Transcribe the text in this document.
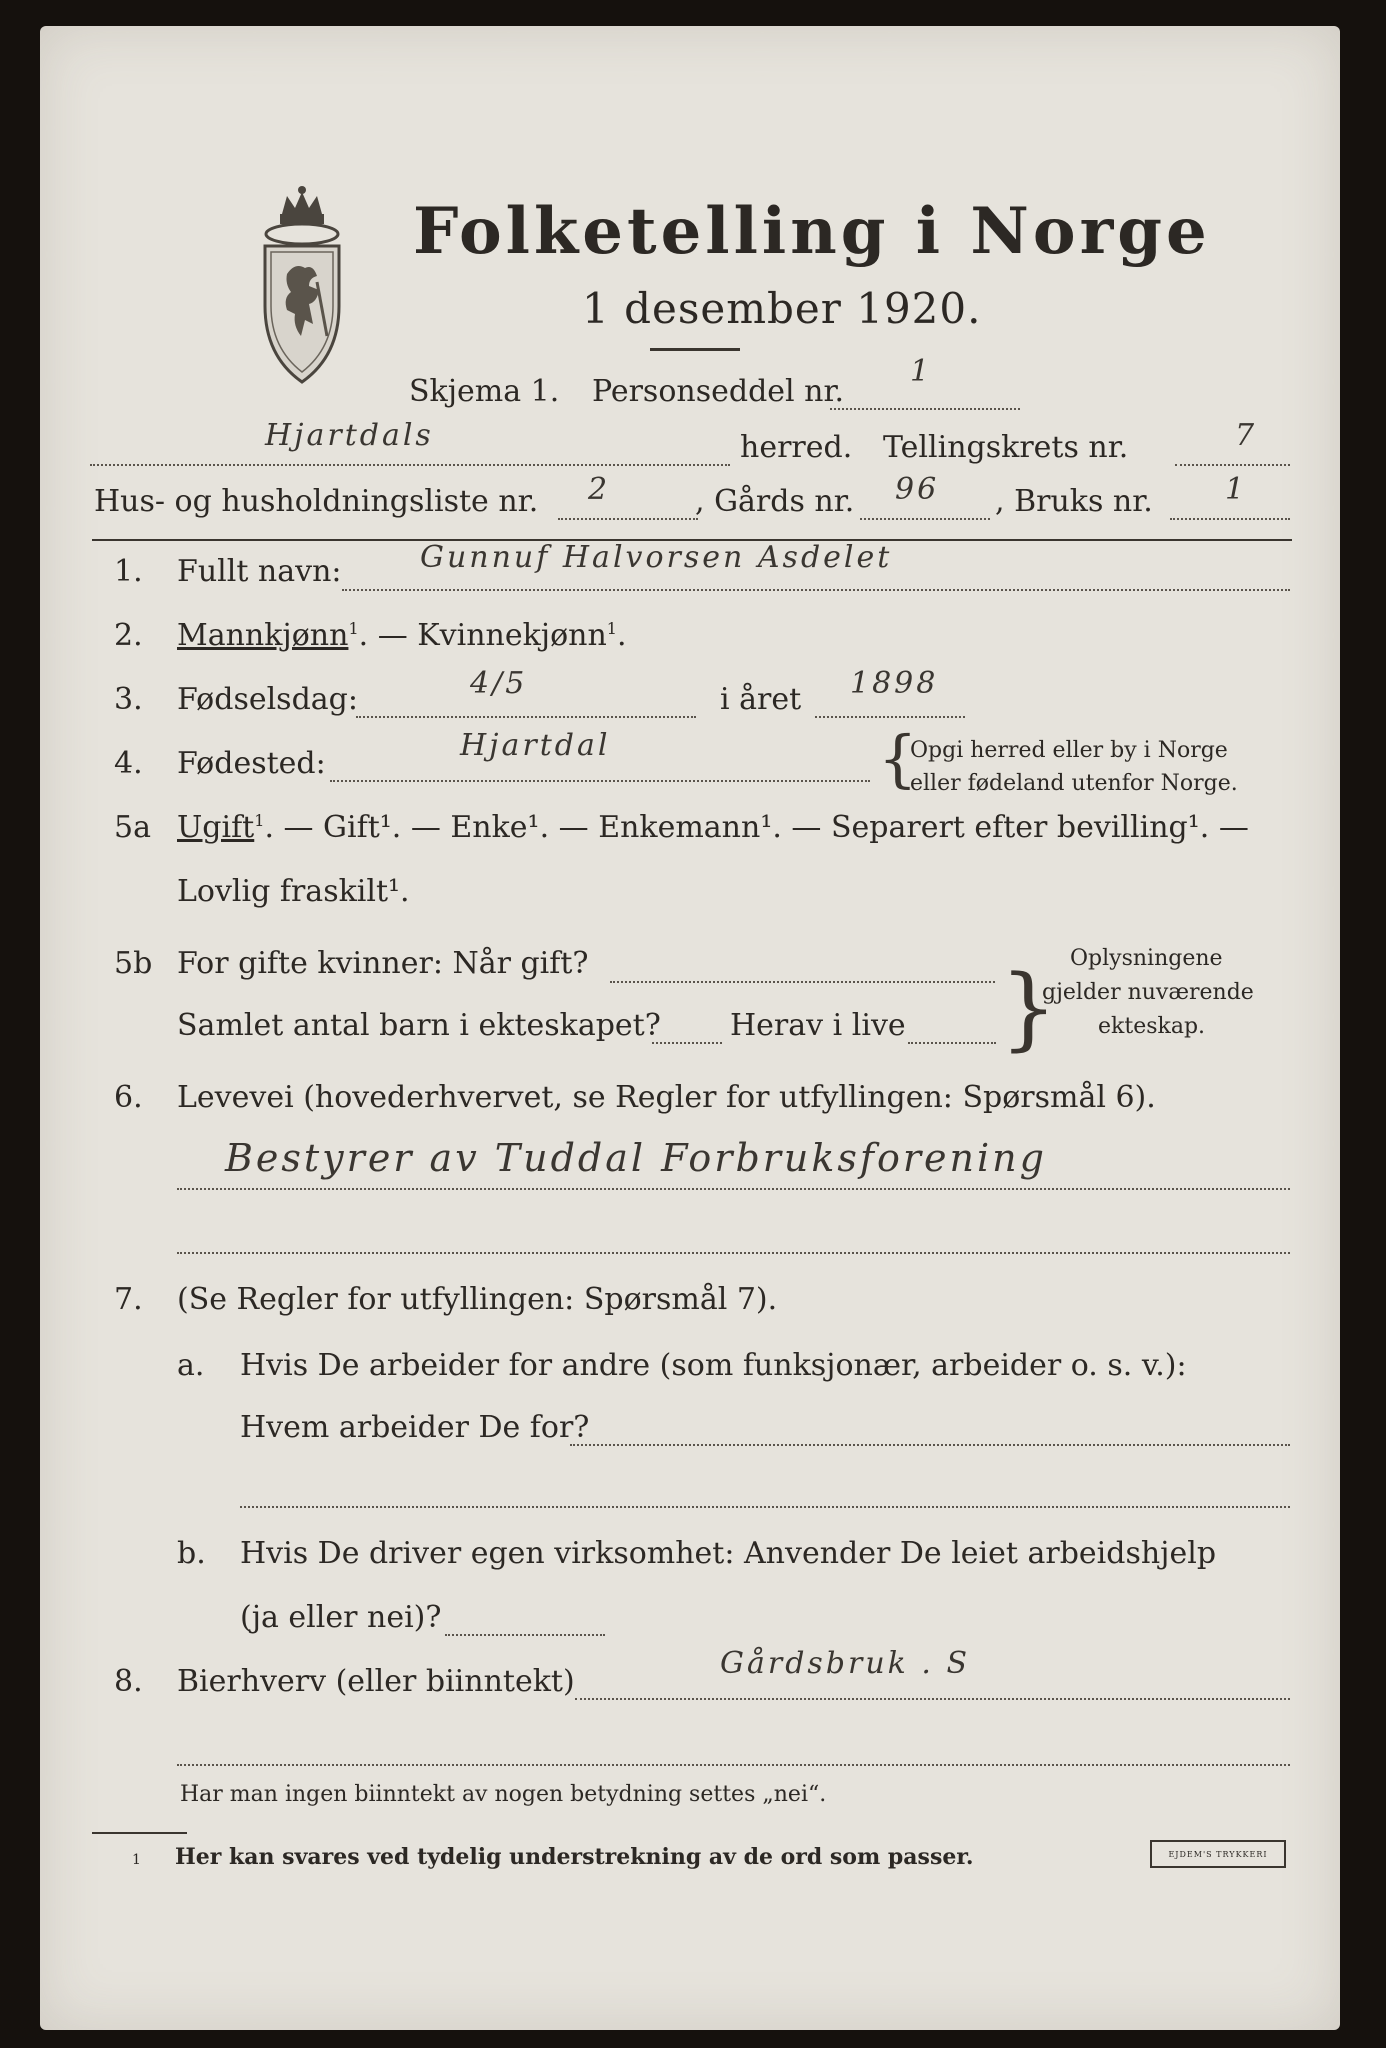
Folketelling i Norge
1 desember 1920.
Skjema 1. Personseddel nr.
1
Hjartdals	herred. Tellingskrets nr.	7
Hus- og husholdningsliste nr. 2	, Gårds nr. 96 , Bruks nr. 1
1. Fullt navn:	Gunnuf Halvorsen Asdelet
2. Mannkjønn$^1$. — Kvinnekjønn$^1$.
3. Fødselsdag:	4/5	i året 1898
4. Fødested:
Hjartdal	{
Opgi herred eller by i Norge
eller fødeland utenfor Norge.
5a Ugift$^1$. — Gift¹. — Enke¹. — Enkemann¹. — Separert efter bevilling¹. —
Lovlig fraskilt¹.
5b For gifte kvinner: Når gift?
Samlet antal barn i ekteskapet? Herav i live } Oplysningene
gjelder nuværende
ekteskap.
6. Levevei (hovederhvervet, se Regler for utfyllingen: Spørsmål 6).
Bestyrer av Tuddal Forbruksforening
7. (Se Regler for utfyllingen: Spørsmål 7).
a. Hvis De arbeider for andre (som funksjonær, arbeider o. s. v.):
Hvem arbeider De for?
b. Hvis De driver egen virksomhet: Anvender De leiet arbeidshjelp
(ja eller nei)?
8. Bierhverv (eller biinntekt)
Gårdsbruk . S
Har man ingen biinntekt av nogen betydning settes „nei“.
1 Her kan svares ved tydelig understrekning av de ord som passer.	EJDEM'S TRYKKERI
